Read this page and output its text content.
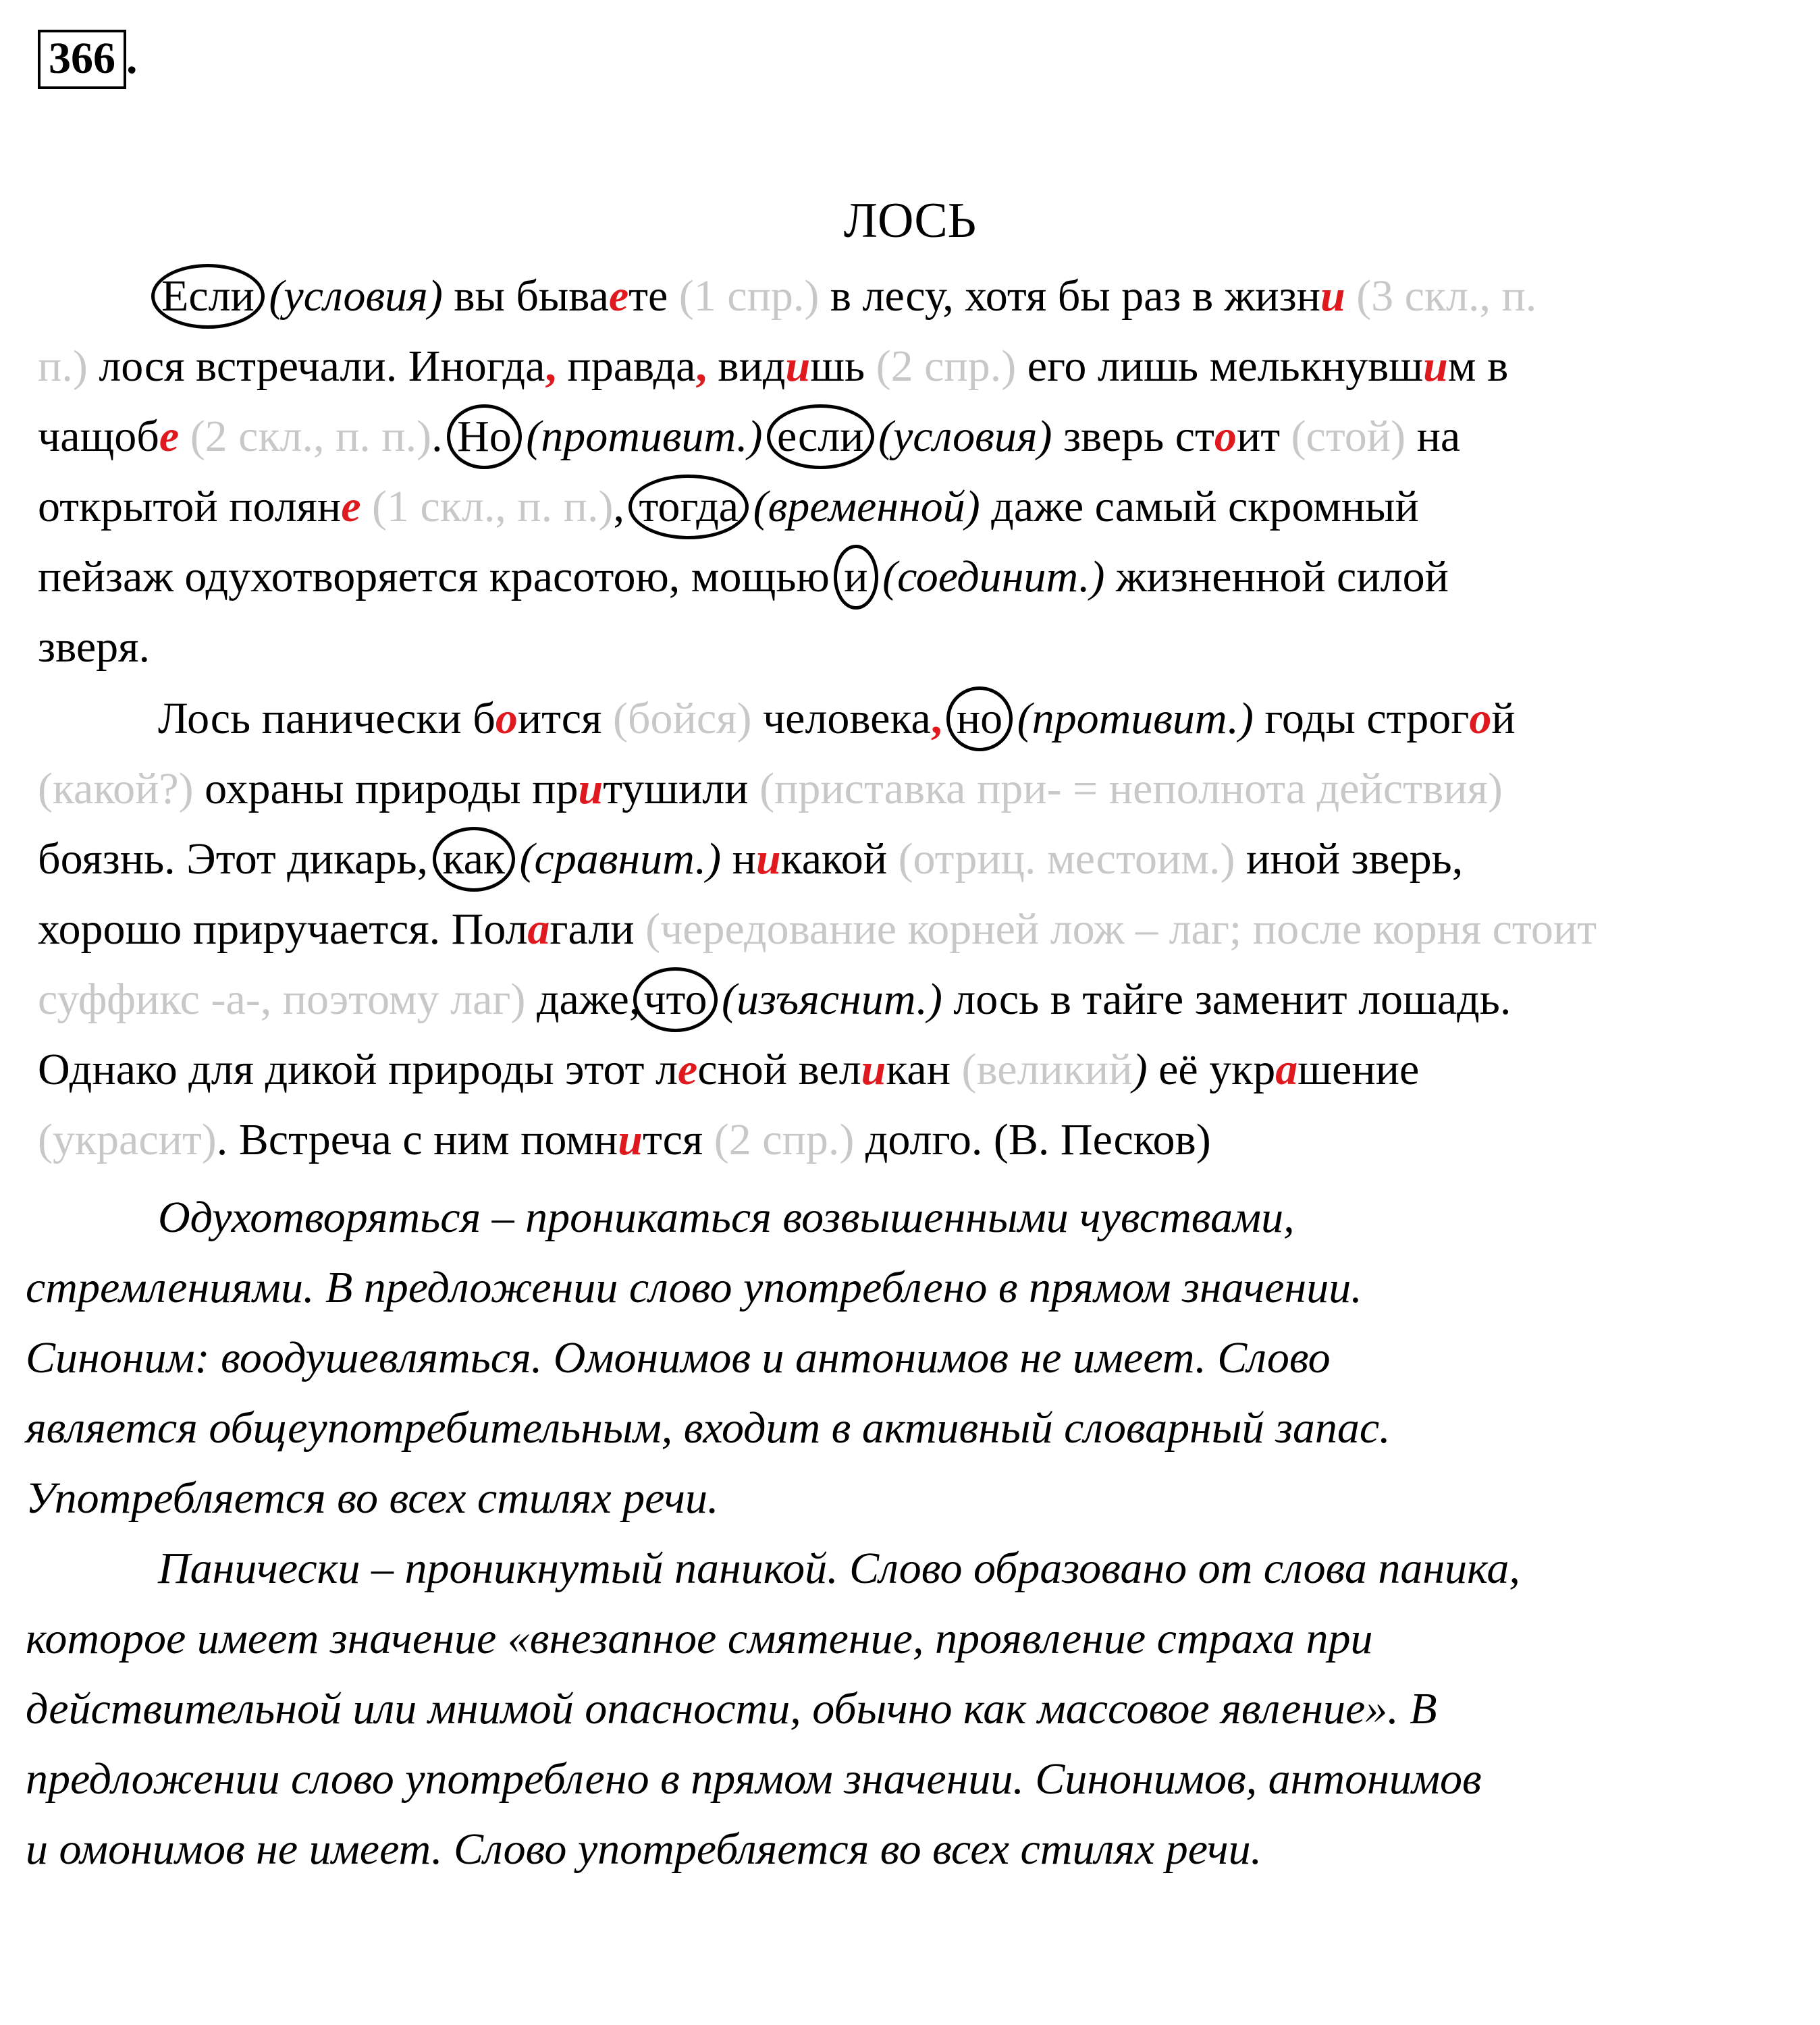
366 .
ЛОСЬ
Если (условия) вы бываете (1 спр.) в лесу, хотя бы раз в жизни (3 скл., п.
п.) лося встречали. Иногда, правда, видишь (2 спр.) его лишь мелькнувшим в
чащобе (2 скл., п. п.). Но (противит.) если (условия) зверь стоит (стой) на
открытой поляне (1 скл., п. п.), тогда (временной) даже самый скромный
пейзаж одухотворяется красотою, мощью и (соединит.) жизненной силой
зверя.
Лось панически боится (бойся) человека, но (противит.) годы строгой
(какой?) охраны природы притушили (приставка при- = неполнота действия)
боязнь. Этот дикарь, как (сравнит.) никакой (отриц. местоим.) иной зверь,
хорошо приручается. Полагали (чередование корней лож – лаг; после корня стоит
суффикс -а-, поэтому лаг) даже,что (изъяснит.) лось в тайге заменит лошадь.
Однако для дикой природы этот лесной великан (великий) её украшение
(украсит). Встреча с ним помнится (2 спр.) долго. (В. Песков)
Одухотворяться – проникаться возвышенными чувствами,
стремлениями. В предложении слово употреблено в прямом значении.
Синоним: воодушевляться. Омонимов и антонимов не имеет. Слово
является общеупотребительным, входит в активный словарный запас.
Употребляется во всех стилях речи.
Панически – проникнутый паникой. Слово образовано от слова паника,
которое имеет значение «внезапное смятение, проявление страха при
действительной или мнимой опасности, обычно как массовое явление». В
предложении слово употреблено в прямом значении. Синонимов, антонимов
и омонимов не имеет. Слово употребляется во всех стилях речи.
